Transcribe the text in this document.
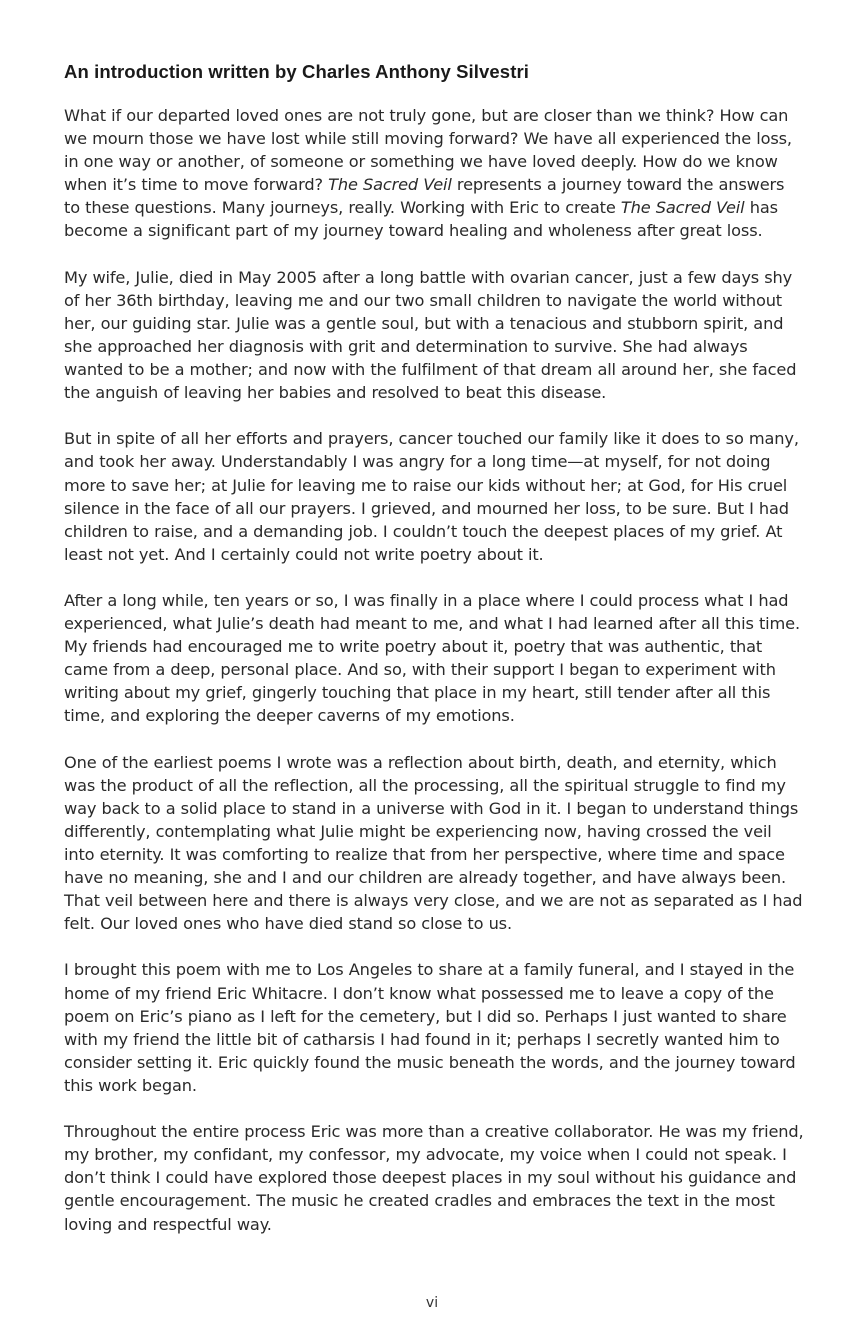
An introduction written by Charles Anthony Silvestri

What if our departed loved ones are not truly gone, but are closer than we think? How can we mourn those we have lost while still moving forward? We have all experienced the loss, in one way or another, of someone or something we have loved deeply. How do we know when it’s time to move forward? The Sacred Veil represents a journey toward the answers to these questions. Many journeys, really. Working with Eric to create The Sacred Veil has become a significant part of my journey toward healing and wholeness after great loss.

My wife, Julie, died in May 2005 after a long battle with ovarian cancer, just a few days shy of her 36th birthday, leaving me and our two small children to navigate the world without her, our guiding star. Julie was a gentle soul, but with a tenacious and stubborn spirit, and she approached her diagnosis with grit and determination to survive. She had always wanted to be a mother; and now with the fulfilment of that dream all around her, she faced the anguish of leaving her babies and resolved to beat this disease.

But in spite of all her efforts and prayers, cancer touched our family like it does to so many, and took her away. Understandably I was angry for a long time—at myself, for not doing more to save her; at Julie for leaving me to raise our kids without her; at God, for His cruel silence in the face of all our prayers. I grieved, and mourned her loss, to be sure. But I had children to raise, and a demanding job. I couldn’t touch the deepest places of my grief. At least not yet. And I certainly could not write poetry about it.

After a long while, ten years or so, I was finally in a place where I could process what I had experienced, what Julie’s death had meant to me, and what I had learned after all this time. My friends had encouraged me to write poetry about it, poetry that was authentic, that came from a deep, personal place. And so, with their support I began to experiment with writing about my grief, gingerly touching that place in my heart, still tender after all this time, and exploring the deeper caverns of my emotions.

One of the earliest poems I wrote was a reflection about birth, death, and eternity, which was the product of all the reflection, all the processing, all the spiritual struggle to find my way back to a solid place to stand in a universe with God in it. I began to understand things differently, contemplating what Julie might be experiencing now, having crossed the veil into eternity. It was comforting to realize that from her perspective, where time and space have no meaning, she and I and our children are already together, and have always been. That veil between here and there is always very close, and we are not as separated as I had felt. Our loved ones who have died stand so close to us.

I brought this poem with me to Los Angeles to share at a family funeral, and I stayed in the home of my friend Eric Whitacre. I don’t know what possessed me to leave a copy of the poem on Eric’s piano as I left for the cemetery, but I did so. Perhaps I just wanted to share with my friend the little bit of catharsis I had found in it; perhaps I secretly wanted him to consider setting it. Eric quickly found the music beneath the words, and the journey toward this work began.

Throughout the entire process Eric was more than a creative collaborator. He was my friend, my brother, my confidant, my confessor, my advocate, my voice when I could not speak. I don’t think I could have explored those deepest places in my soul without his guidance and gentle encouragement. The music he created cradles and embraces the text in the most loving and respectful way.

vi
